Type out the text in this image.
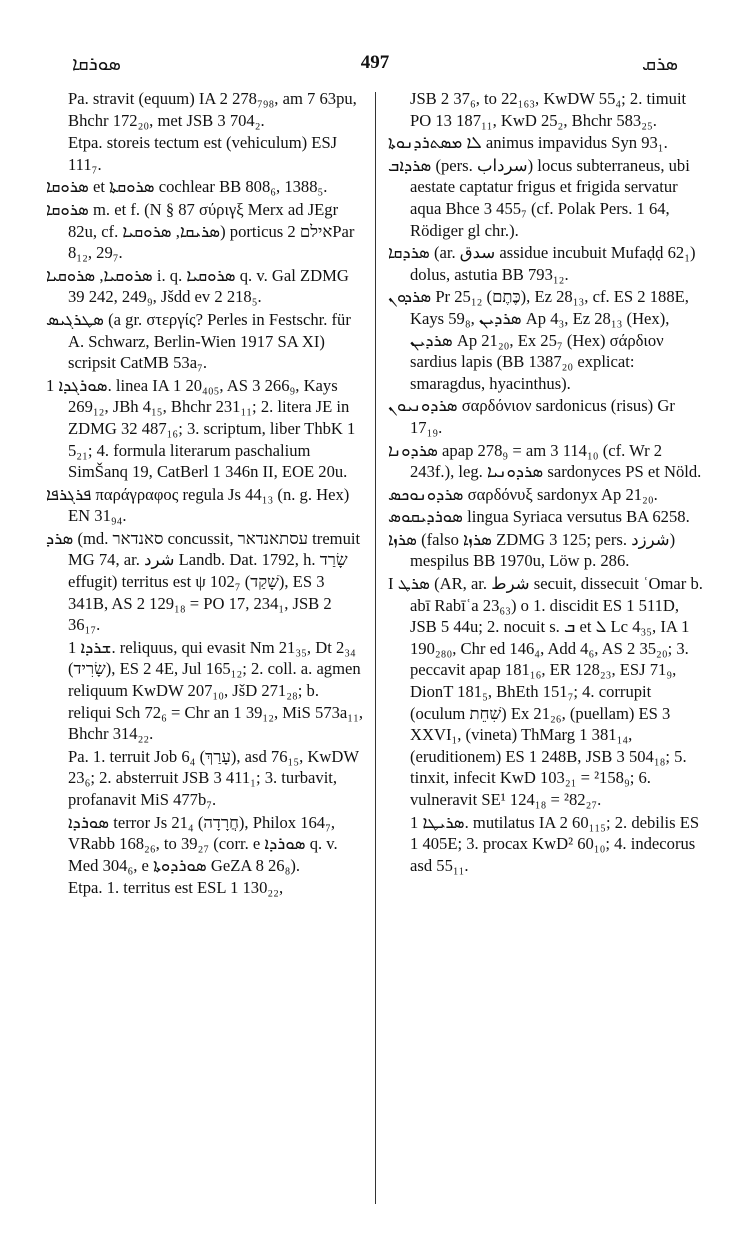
ܣܘܪܩܐ	497	ܣܪܩ

Pa. stravit (equum) IA 2 278₇₉₈, am 7 63pu, Bhchr 172₂₀, met JSB 3 704₂.

Etpa. storeis tectum est (vehiculum) ESJ 111₇.

ܣܪܘܩܐ et ܣܪܘܩܬܐ cochlear BB 808₆, 1388₅.

ܣܪܘܩܐ m. et f. (N § 87 σύριγξ Merx ad JEgr 82u, cf. ܣܪܝܩܐ, ܣܪܘܩܝܐ) porticus אילם 2Par 8₁₂, 29₇.

ܣܪܘܩܝܐ, ܣܪܘܩܝܐ i. q. ܣܪܘܩܝܐ q. v. Gal ZDMG 39 242, 249₉, Jšdd ev 2 218₅.

ܣܛܪܓܝܣ (a gr. στεργίς? Perles in Festschr. für A. Schwarz, Berlin-Wien 1917 SA XI) scripsit CatMB 53a₇.

ܣܘܪܓܕܐ 1. linea IA 1 20₄₀₅, AS 3 266₉, Kays 269₁₂, JBh 4₁₅, Bhchr 231₁₁; 2. litera JE in ZDMG 32 487₁₆; 3. scriptum, liber ThbK 1 5₂₁; 4. formula literarum paschalium SimŠanq 19, CatBerl 1 346n II, EOE 20u.

ܦܪܓܪܦܐ παράγραφος regula Js 44₁₃ (n. g. Hex) EN 31₉₄.

ܣܪܕ (md. סאנדאר concussit, עסתאנדאר tremuit MG 74, ar. شرد Landb. Dat. 1792, h. שָׂרַד effugit) territus est ψ 102₇ (שָׁקַד), ES 3 341B, AS 2 129₁₈ = PO 17, 234₁, JSB 2 36₁₇.

ܫܪܕܐ 1. reliquus, qui evasit Nm 21₃₅, Dt 2₃₄ (שָׂרִיד), ES 2 4E, Jul 165₁₂; 2. coll. a. agmen reliquum KwDW 207₁₀, JšD 271₂₈; b. reliqui Sch 72₆ = Chr an 1 39₁₂, MiS 573a₁₁, Bhchr 314₂₂.

Pa. 1. terruit Job 6₄ (עָרַךְ), asd 76₁₅, KwDW 23₆; 2. absterruit JSB 3 411₁; 3. turbavit, profanavit MiS 477b₇.

ܣܘܪܕܐ terror Js 21₄ (חֲרָדָה), Philox 164₇, VRabb 168₂₆, to 39₂₇ (corr. e ܣܘܪܕܐ q. v. Med 304₆, e ܣܘܪܕܘܬܐ GeZA 8 26₈).

Etpa. 1. territus est ESL 1 130₂₂,

JSB 2 37₆, to 22₁₆₃, KwDW 55₄; 2. timuit PO 13 187₁₁, KwD 25₂, Bhchr 583₂₅.

ܠܐ ܡܣܬܪܕܢܘܬܐ animus impavidus Syn 93₁.

ܣܪܕܐܒ (pers. سرداب) locus subterraneus, ubi aestate captatur frigus et frigida servatur aqua Bhce 3 455₇ (cf. Polak Pers. 1 64, Rödiger gl chr.).

ܣܪܕܩܐ (ar. ﺳﺪﻕ assidue incubuit Mufaḍḍ 62₁) dolus, astutia BB 793₁₂.

ܣܪܕܘܢ Pr 25₁₂ (כֶּתֶם), Ez 28₁₃, cf. ES 2 188E, Kays 59₈, ܣܪܕܝܢ Ap 4₃, Ez 28₁₃ (Hex), ܣܪܕܝܢ Ap 21₂₀, Ex 25₇ (Hex) σάρδιον sardius lapis (BB 1387₂₀ explicat: smaragdus, hyacinthus).

ܣܪܕܘܢܝܘܢ σαρδόνιον sardonicus (risus) Gr 17₁₉.

ܣܪܕܘܢܐ apap 278₉ = am 3 114₁₀ (cf. Wr 2 243f.), leg. ܣܪܕܘܢܝܐ sardonyces PS et Nöld.

ܣܪܕܘܢܘܟܣ σαρδόνυξ sardonyx Ap 21₂₀.

ܣܘܪܕܝܩܘܣ lingua Syriaca versutus BA 6258.

ܣܪܙܐ (falso ܣܪܙܐ ZDMG 3 125; pers. شرزد) mespilus BB 1970u, Löw p. 286.

I ܣܪܛ (AR, ar. شرط secuit, dissecuit ʿOmar b. abī Rabīʿa 23₆₃) o 1. discidit ES 1 511D, JSB 5 44u; 2. nocuit s. ܒ et ܠ Lc 4₃₅, IA 1 190₂₈₀, Chr ed 146₄, Add 4₆, AS 2 35₂₀; 3. peccavit apap 181₁₆, ER 128₂₃, ESJ 71₉, DionT 181₅, BhEth 151₇; 4. corrupit (oculum שִׁחֵת) Ex 21₂₆, (puellam) ES 3 XXVI₁, (vineta) ThMarg 1 381₁₄, (eruditionem) ES 1 248B, JSB 3 504₁₈; 5. tinxit, infecit KwD 103₂₁ = ²158₉; 6. vulneravit SE¹ 124₁₈ = ²82₂₇.

ܣܪܝܛܐ 1. mutilatus IA 2 60₁₁₅; 2. debilis ES 1 405E; 3. procax KwD² 60₁₀; 4. indecorus asd 55₁₁.
